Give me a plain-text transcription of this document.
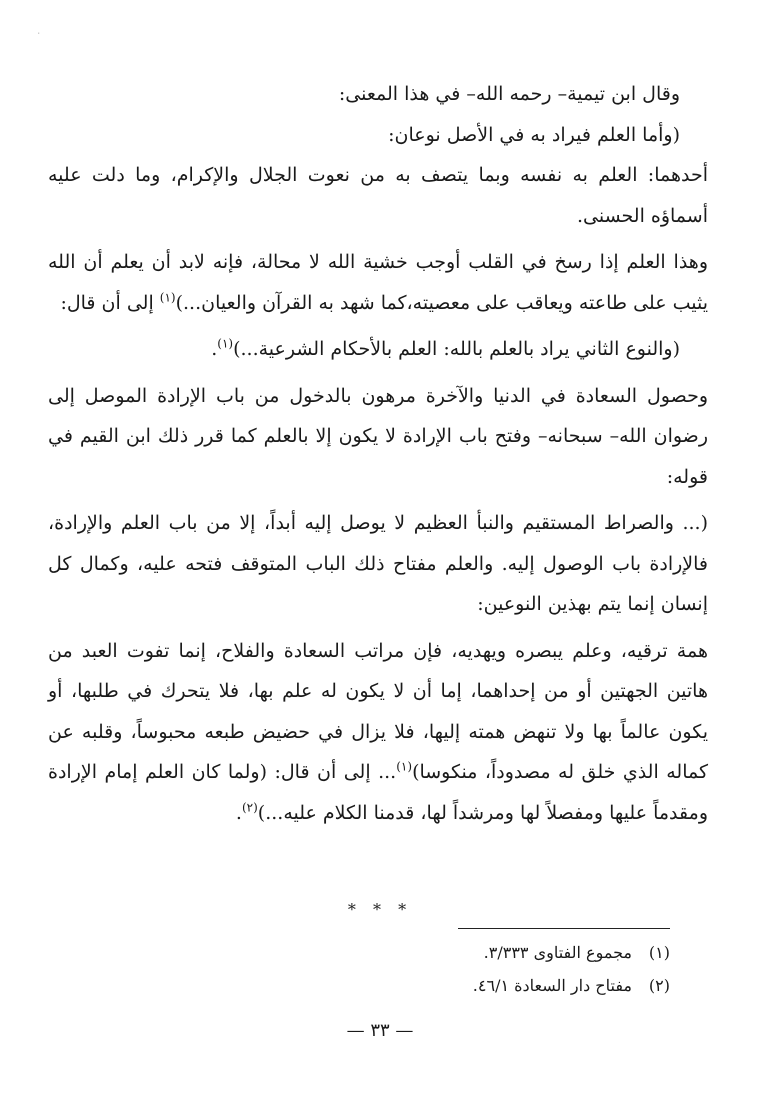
٠

وقال ابن تيمية– رحمه الله– في هذا المعنى:

(وأما العلم فيراد به في الأصل نوعان:

أحدهما: العلم به نفسه وبما يتصف به من نعوت الجلال والإكرام، وما دلت عليه أسماؤه الحسنى.

وهذا العلم إذا رسخ في القلب أوجب خشية الله لا محالة، فإنه لابد أن يعلم أن الله يثيب على طاعته ويعاقب على معصيته،كما شهد به القرآن والعيان...)$^{(١)}$ إلى أن قال:

(والنوع الثاني يراد بالعلم بالله: العلم بالأحكام الشرعية...)$^{(١)}$.

وحصول السعادة في الدنيا والآخرة مرهون بالدخول من باب الإرادة الموصل إلى رضوان الله– سبحانه– وفتح باب الإرادة لا يكون إلا بالعلم كما قرر ذلك ابن القيم في قوله:

(... والصراط المستقيم والنبأ العظيم لا يوصل إليه أبداً، إلا من باب العلم والإرادة، فالإرادة باب الوصول إليه. والعلم مفتاح ذلك الباب المتوقف فتحه عليه، وكمال كل إنسان إنما يتم بهذين النوعين:

همة ترقيه، وعلم يبصره ويهديه، فإن مراتب السعادة والفلاح، إنما تفوت العبد من هاتين الجهتين أو من إحداهما، إما أن لا يكون له علم بها، فلا يتحرك في طلبها، أو يكون عالماً بها ولا تنهض همته إليها، فلا يزال في حضيض طبعه محبوساً، وقلبه عن كماله الذي خلق له مصدوداً، منكوسا)$^{(١)}$... إلى أن قال: (ولما كان العلم إمام الإرادة ومقدماً عليها ومفصلاً لها ومرشداً لها، قدمنا الكلام عليه...)$^{(٢)}$.

* * *
(١)
مجموع الفتاوى ٣/٣٣٣.
(٢)
مفتاح دار السعادة ٤٦/١.
— ٣٣ —
